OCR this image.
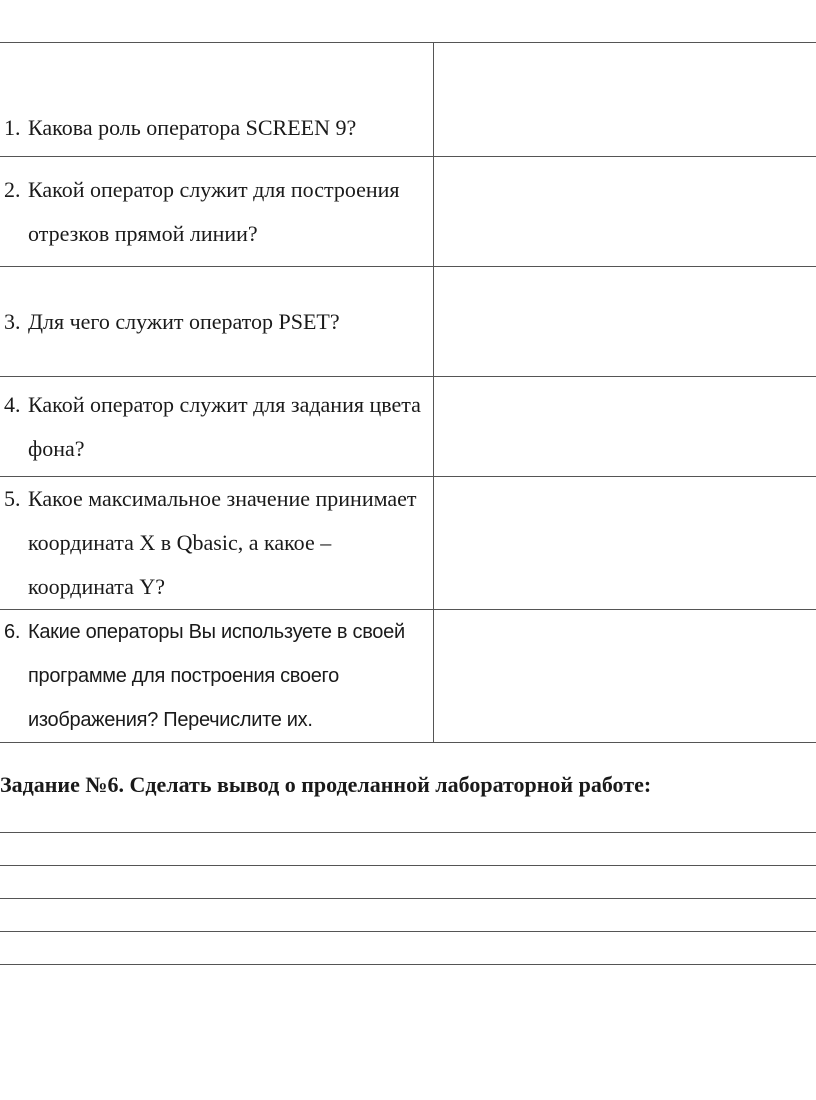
1. Какова роль оператора SCREEN 9?	

2. Какой оператор служит для построения отрезков прямой линии?	

3. Для чего служит оператор PSET?	

4. Какой оператор служит для задания цвета фона?	

5. Какое максимальное значение принимает координата X в Qbasic, а какое – координата Y?	

6. Какие операторы Вы используете в своей программе для построения своего изображения? Перечислите их.	

Задание №6. Сделать вывод о проделанной лабораторной работе:
